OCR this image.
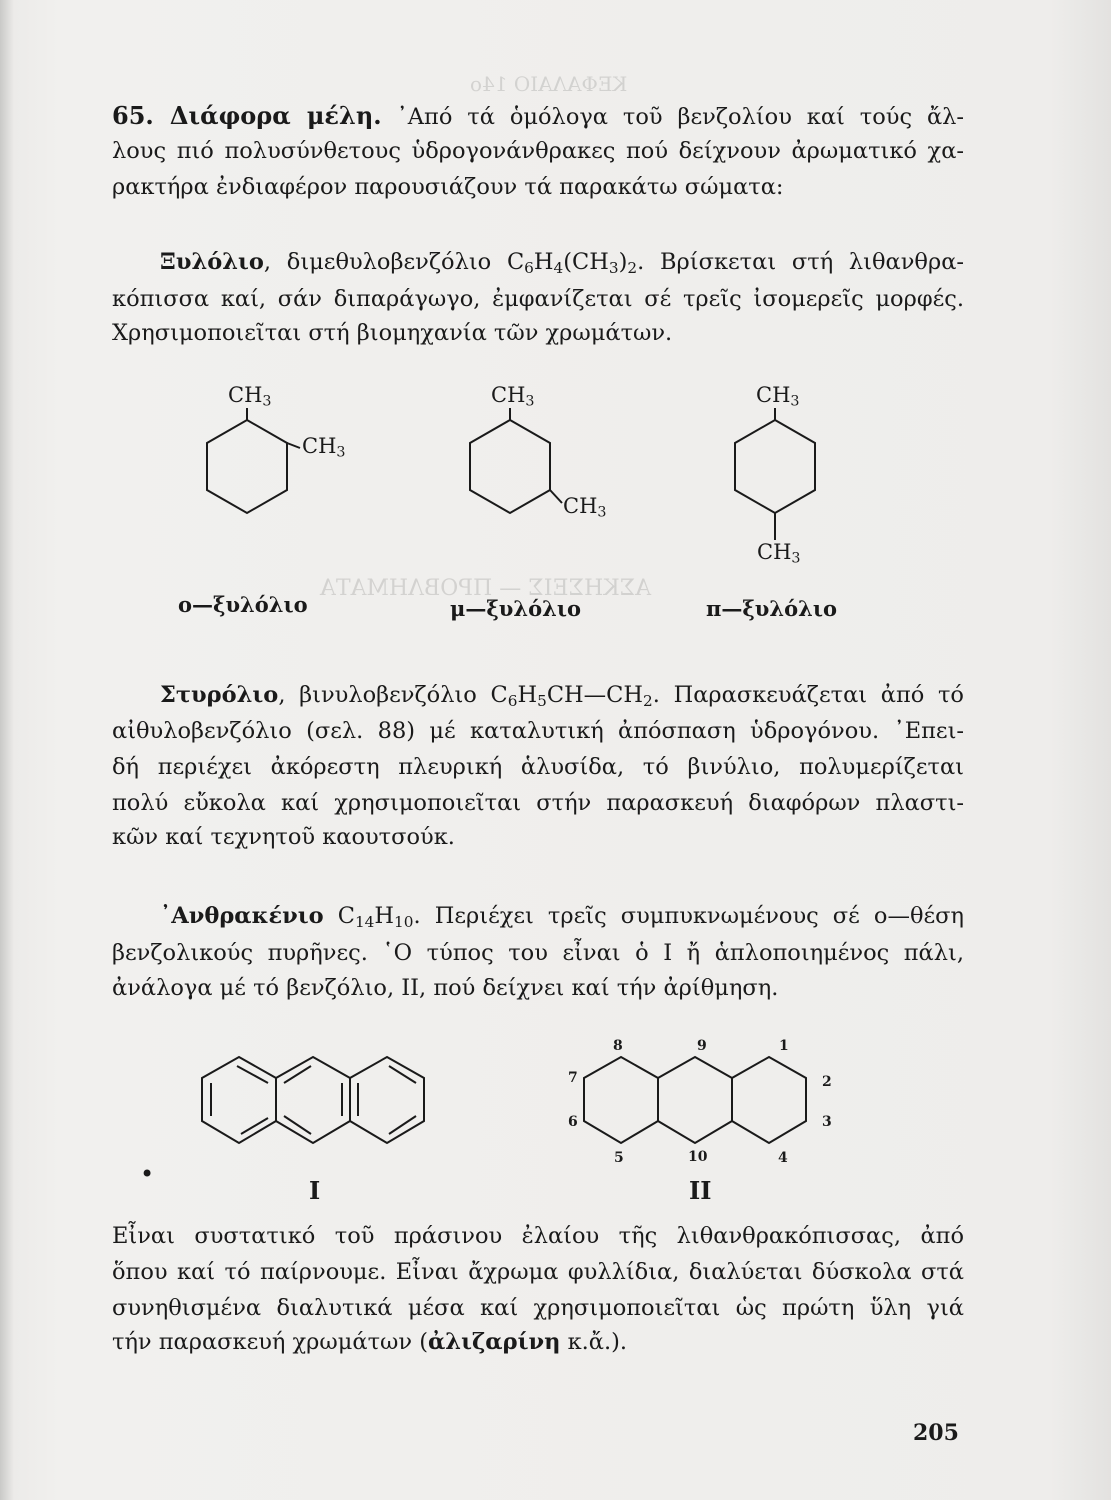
ΚΕΦΑΛΑΙΟ 14ο
ΑΣΚΗΣΕΙΣ — ΠΡΟΒΛΗΜΑΤΑ
65. Διάφορα μέλη. ᾿Από τά ὁμόλογα τοῦ βενζολίου καί τούς ἄλ-
λους πιό πολυσύνθετους ὑδρογονάνθρακες πού δείχνουν ἀρωματικό χα-
ρακτήρα ἐνδιαφέρον παρουσιάζουν τά παρακάτω σώματα:
Ξυλόλιο, διμεθυλοβενζόλιο $C_6H_4(CH_3)_2$. Βρίσκεται στή λιθανθρα-
κόπισσα καί, σάν διπαράγωγο, ἐμφανίζεται σέ τρεῖς ἰσομερεῖς μορφές.
Χρησιμοποιεῖται στή βιομηχανία τῶν χρωμάτων.
$CH_3$
$CH_3$
$CH_3$
$CH_3$
$CH_3$
$CH_3$
ο—ξυλόλιο	μ—ξυλόλιο	π—ξυλόλιο
Στυρόλιο, βινυλοβενζόλιο $C_6H_5CH—CH_2$. Παρασκευάζεται ἀπό τό
αἰθυλοβενζόλιο (σελ. 88) μέ καταλυτική ἀπόσπαση ὑδρογόνου. ᾿Επει-
δή περιέχει ἀκόρεστη πλευρική ἁλυσίδα, τό βινύλιο, πολυμερίζεται
πολύ εὔκολα καί χρησιμοποιεῖται στήν παρασκευή διαφόρων πλαστι-
κῶν καί τεχνητοῦ καουτσούκ.
᾿Ανθρακένιο $C_{14}H_{10}$. Περιέχει τρεῖς συμπυκνωμένους σέ ο—θέση
βενζολικούς πυρῆνες. ῾Ο τύπος του εἶναι ὁ Ι ἤ ἁπλοποιημένος πάλι,
ἀνάλογα μέ τό βενζόλιο, ΙΙ, πού δείχνει καί τήν ἀρίθμηση.
8	9	1
7	2
6	3
5	10	4
I	II
•
Εἶναι συστατικό τοῦ πράσινου ἐλαίου τῆς λιθανθρακόπισσας, ἀπό
ὅπου καί τό παίρνουμε. Εἶναι ἄχρωμα φυλλίδια, διαλύεται δύσκολα στά
συνηθισμένα διαλυτικά μέσα καί χρησιμοποιεῖται ὡς πρώτη ὕλη γιά
τήν παρασκευή χρωμάτων (ἀλιζαρίνη κ.ἄ.).
205
